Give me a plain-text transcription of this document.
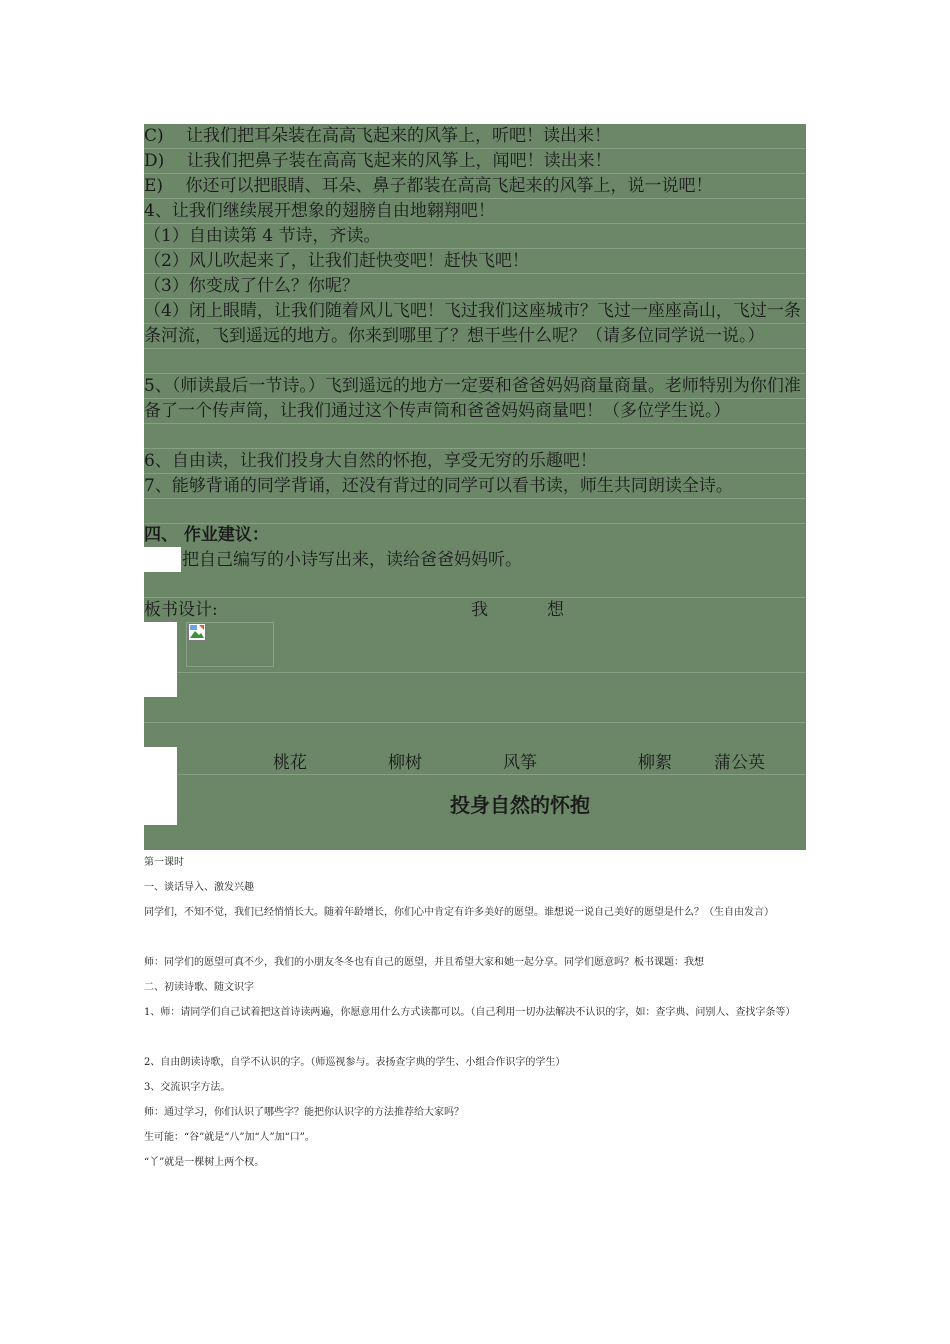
C)　 让我们把耳朵装在高高飞起来的风筝上，听吧！读出来！
D)　 让我们把鼻子装在高高飞起来的风筝上，闻吧！读出来！
E)　 你还可以把眼睛、耳朵、鼻子都装在高高飞起来的风筝上，说一说吧！
4、让我们继续展开想象的翅膀自由地翱翔吧！
（1）自由读第 4 节诗，齐读。
（2）风儿吹起来了，让我们赶快变吧！赶快飞吧！
（3）你变成了什么？你呢？
（4）闭上眼睛，让我们随着风儿飞吧！飞过我们这座城市？飞过一座座高山，飞过一条条河流，飞到遥远的地方。你来到哪里了？想干些什么呢？（请多位同学说一说。）
5、（师读最后一节诗。）飞到遥远的地方一定要和爸爸妈妈商量商量。老师特别为你们准备了一个传声筒，让我们通过这个传声筒和爸爸妈妈商量吧！（多位学生说。）
6、自由读，让我们投身大自然的怀抱，享受无穷的乐趣吧！
7、能够背诵的同学背诵，还没有背过的同学可以看书读，师生共同朗读全诗。
四、 作业建议：
把自己编写的小诗写出来，读给爸爸妈妈听。
板书设计:	我	想
桃花	柳树	风筝	柳絮 蒲公英
投身自然的怀抱
第一课时
一、谈话导入、激发兴趣
同学们，不知不觉，我们已经悄悄长大。随着年龄增长，你们心中肯定有许多美好的愿望。谁想说一说自己美好的愿望是什么？（生自由发言）
师：同学们的愿望可真不少，我们的小朋友冬冬也有自己的愿望，并且希望大家和她一起分享。同学们愿意吗？板书课题：我想
二、初读诗歌、随文识字
1、师：请同学们自己试着把这首诗读两遍，你愿意用什么方式读都可以。（自己利用一切办法解决不认识的字，如：查字典、问别人、查找字条等）
2、自由朗读诗歌，自学不认识的字。（师巡视参与。表扬查字典的学生、小组合作识字的学生）
3、交流识字方法。
师：通过学习，你们认识了哪些字？能把你认识字的方法推荐给大家吗？
生可能：“谷”就是“八”加“人”加“口”。
“丫”就是一棵树上两个杈。
